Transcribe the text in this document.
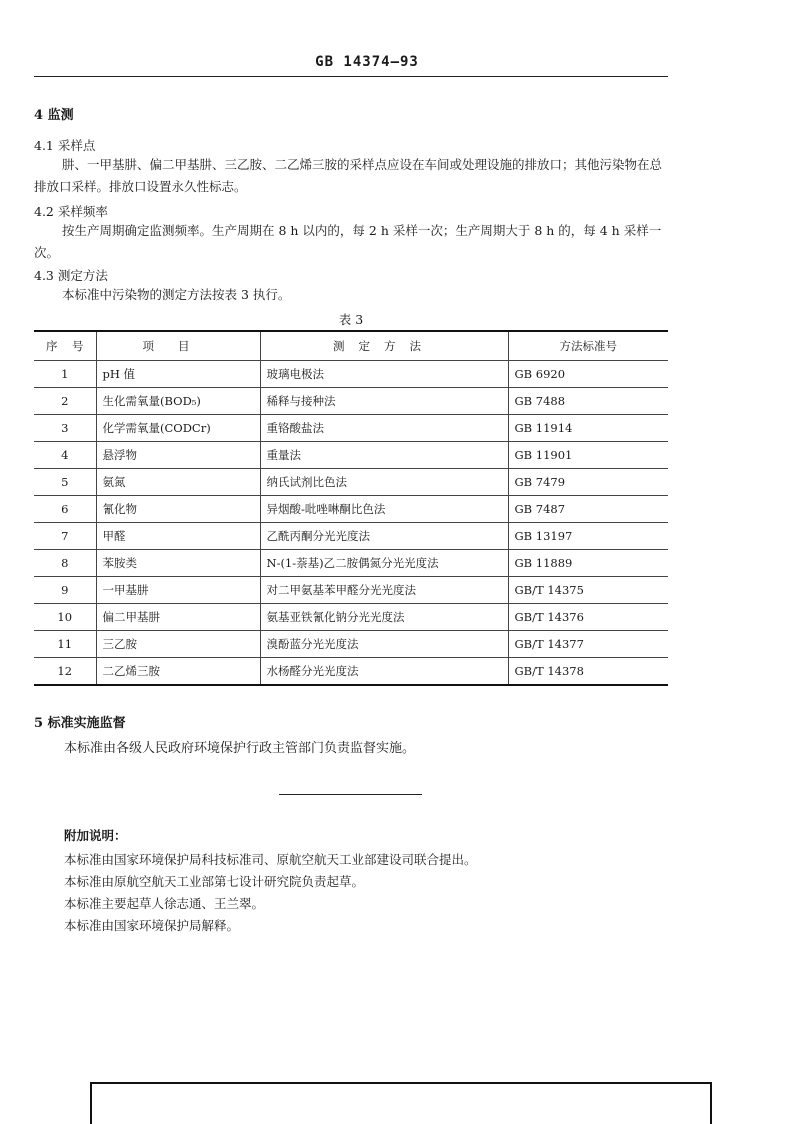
GB 14374—93
4 监测
4.1 采样点
肼、一甲基肼、偏二甲基肼、三乙胺、二乙烯三胺的采样点应设在车间或处理设施的排放口；其他污染物在总排放口采样。排放口设置永久性标志。
4.2 采样频率
按生产周期确定监测频率。生产周期在 8 h 以内的，每 2 h 采样一次；生产周期大于 8 h 的，每 4 h 采样一次。
4.3 测定方法
本标准中污染物的测定方法按表 3 执行。
表 3
序号	项目	测定方法	方法标准号
1	pH 值	玻璃电极法	GB 6920
2	生化需氧量(BOD₅)	稀释与接种法	GB 7488
3	化学需氧量(CODCr)	重铬酸盐法	GB 11914
4	悬浮物	重量法	GB 11901
5	氨氮	纳氏试剂比色法	GB 7479
6	氰化物	异烟酸-吡唑啉酮比色法	GB 7487
7	甲醛	乙酰丙酮分光光度法	GB 13197
8	苯胺类	N-(1-萘基)乙二胺偶氮分光光度法	GB 11889
9	一甲基肼	对二甲氨基苯甲醛分光光度法	GB/T 14375
10	偏二甲基肼	氨基亚铁氰化钠分光光度法	GB/T 14376
11	三乙胺	溴酚蓝分光光度法	GB/T 14377
12	二乙烯三胺	水杨醛分光光度法	GB/T 14378
5 标准实施监督
本标准由各级人民政府环境保护行政主管部门负责监督实施。
附加说明：
本标准由国家环境保护局科技标准司、原航空航天工业部建设司联合提出。
本标准由原航空航天工业部第七设计研究院负责起草。
本标准主要起草人徐志通、王兰翠。
本标准由国家环境保护局解释。
